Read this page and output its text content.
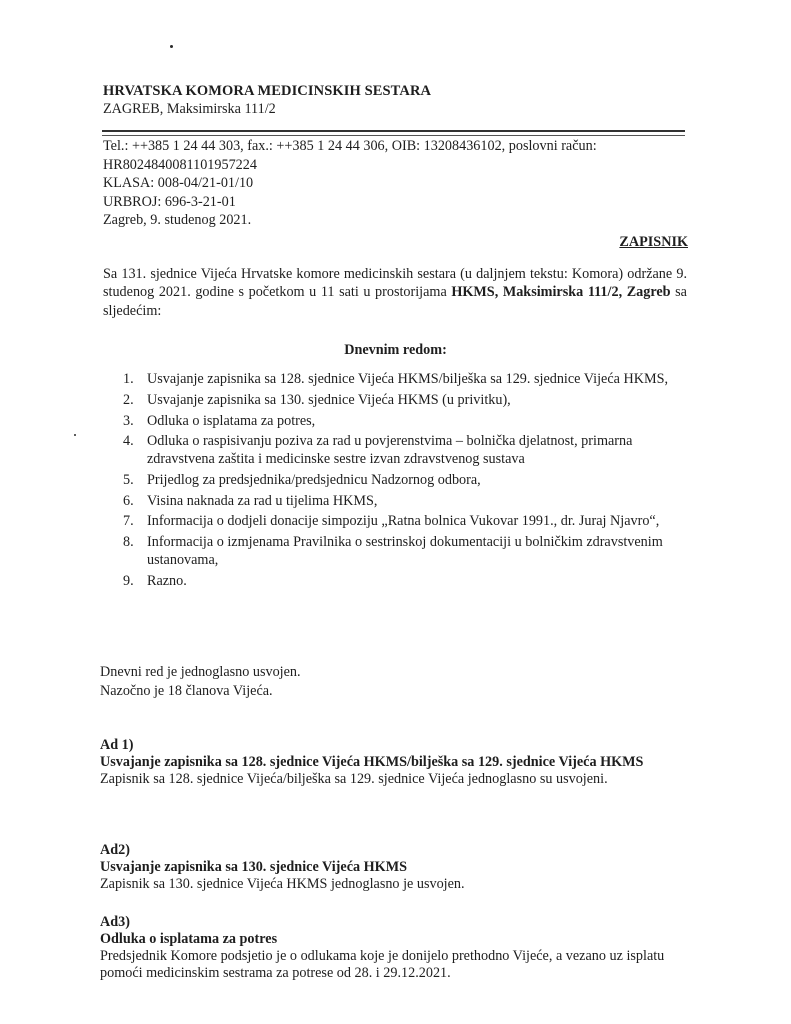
HRVATSKA KOMORA MEDICINSKIH SESTARA
ZAGREB, Maksimirska 111/2
Tel.: ++385 1 24 44 303, fax.: ++385 1 24 44 306, OIB: 13208436102, poslovni račun:
HR8024840081101957224
KLASA: 008-04/21-01/10
URBROJ: 696-3-21-01
Zagreb, 9. studenog 2021.
ZAPISNIK
Sa 131. sjednice Vijeća Hrvatske komore medicinskih sestara (u daljnjem tekstu: Komora) održane 9. studenog 2021. godine s početkom u 11 sati u prostorijama HKMS, Maksimirska 111/2, Zagreb sa sljedećim:
Dnevnim redom:
1. Usvajanje zapisnika sa 128. sjednice Vijeća HKMS/bilješka sa 129. sjednice Vijeća HKMS,
2. Usvajanje zapisnika sa 130. sjednice Vijeća HKMS (u privitku),
3. Odluka o isplatama za potres,
4. Odluka o raspisivanju poziva za rad u povjerenstvima – bolnička djelatnost, primarna zdravstvena zaštita i medicinske sestre izvan zdravstvenog sustava
5. Prijedlog za predsjednika/predsjednicu Nadzornog odbora,
6. Visina naknada za rad u tijelima HKMS,
7. Informacija o dodjeli donacije simpoziju „Ratna bolnica Vukovar 1991., dr. Juraj Njavro“,
8. Informacija o izmjenama Pravilnika o sestrinskoj dokumentaciji u bolničkim zdravstvenim ustanovama,
9. Razno.
Dnevni red je jednoglasno usvojen.
Nazočno je 18 članova Vijeća.
Ad 1)
Usvajanje zapisnika sa 128. sjednice Vijeća HKMS/bilješka sa 129. sjednice Vijeća HKMS
Zapisnik sa 128. sjednice Vijeća/bilješka sa 129. sjednice Vijeća jednoglasno su usvojeni.
Ad2)
Usvajanje zapisnika sa 130. sjednice Vijeća HKMS
Zapisnik sa 130. sjednice Vijeća HKMS jednoglasno je usvojen.
Ad3)
Odluka o isplatama za potres
Predsjednik Komore podsjetio je o odlukama koje je donijelo prethodno Vijeće, a vezano uz isplatu pomoći medicinskim sestrama za potrese od 28. i 29.12.2021.
